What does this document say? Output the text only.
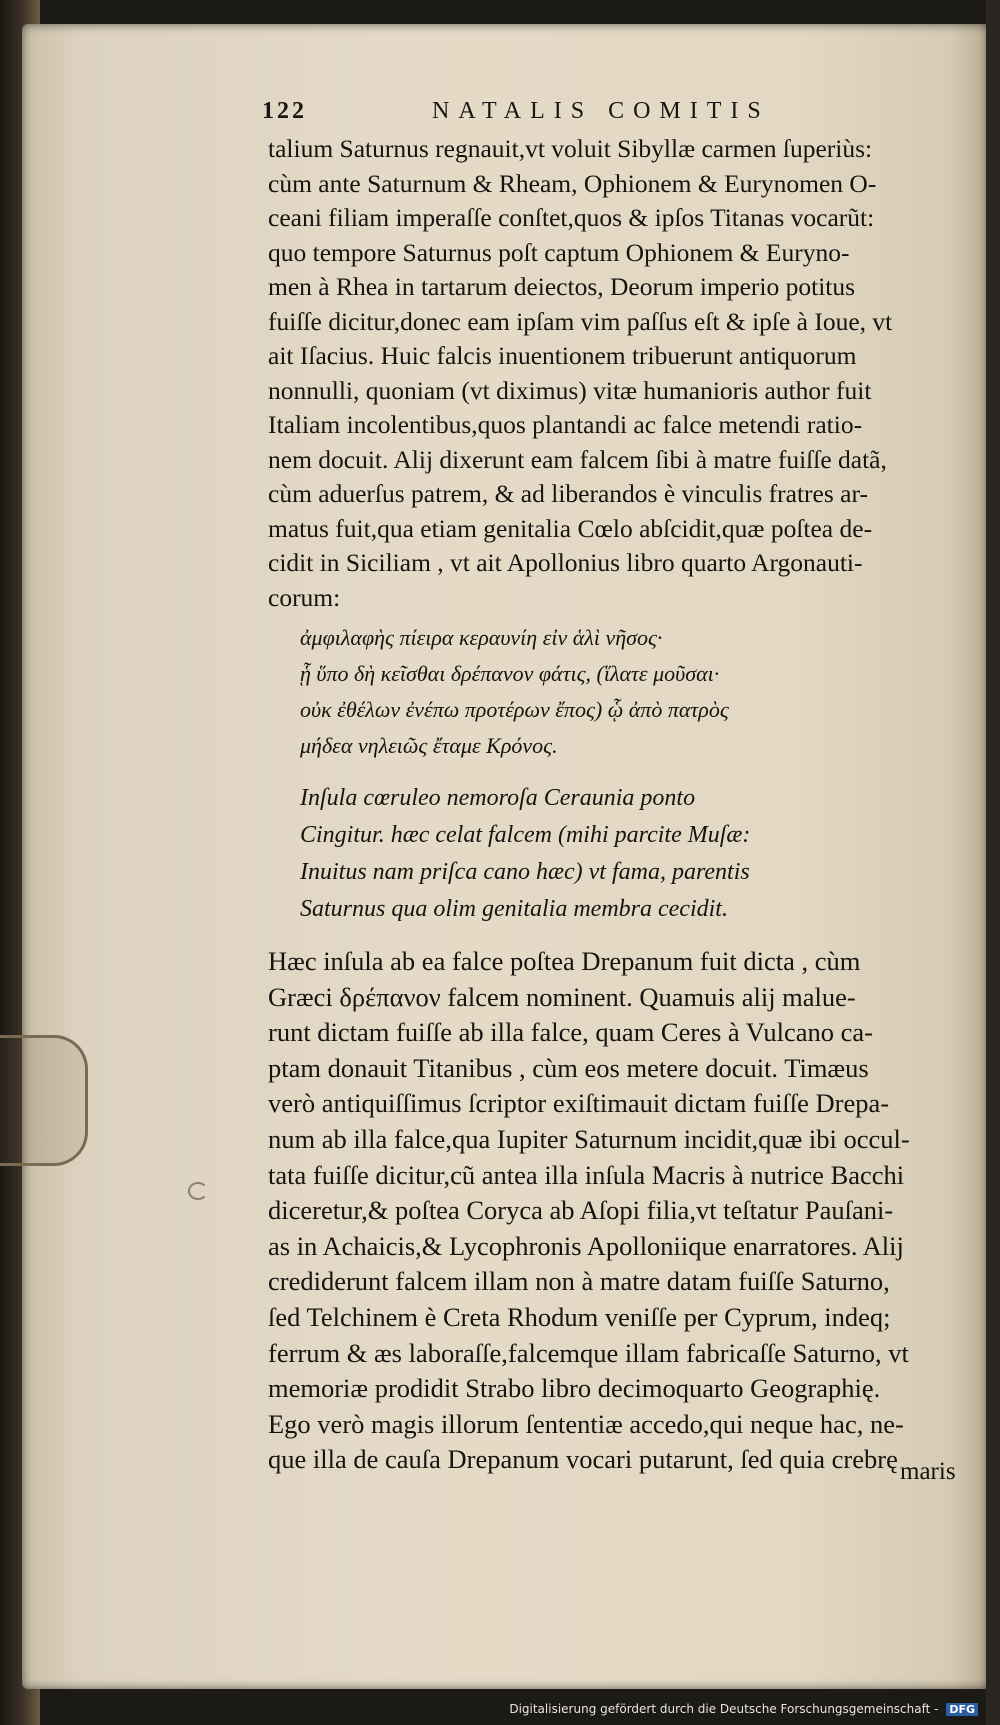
122	NATALIS COMITIS
talium Saturnus regnauit,vt voluit Sibyllæ carmen ſuperiùs:
cùm ante Saturnum & Rheam, Ophionem & Eurynomen O-
ceani filiam imperaſſe conſtet,quos & ipſos Titanas vocarũt:
quo tempore Saturnus poſt captum Ophionem & Euryno-
men à Rhea in tartarum deiectos, Deorum imperio potitus
fuiſſe dicitur,donec eam ipſam vim paſſus eſt & ipſe à Ioue, vt
ait Iſacius. Huic falcis inuentionem tribuerunt antiquorum
nonnulli, quoniam (vt diximus) vitæ humanioris author fuit
Italiam incolentibus,quos plantandi ac falce metendi ratio-
nem docuit. Alij dixerunt eam falcem ſibi à matre fuiſſe datã,
cùm aduerſus patrem, & ad liberandos è vinculis fratres ar-
matus fuit,qua etiam genitalia Cœlo abſcidit,quæ poſtea de-
cidit in Siciliam , vt ait Apollonius libro quarto Argonauti-
corum:
ἀμφιλαφὴς πίειρα κεραυνίη εἰν ἁλὶ νῆσος·
ᾗ ὕπο δὴ κεῖσθαι δρέπανον φάτις, (ἵλατε μοῦσαι·
οὐκ ἐθέλων ἐνέπω προτέρων ἔπος) ᾧ ἀπὸ πατρὸς
μήδεα νηλειῶς ἔταμε Κρόνος.
Inſula cœruleo nemoroſa Ceraunia ponto
Cingitur. hæc celat falcem (mihi parcite Muſæ:
Inuitus nam priſca cano hæc) vt fama, parentis
Saturnus qua olim genitalia membra cecidit.
Hæc inſula ab ea falce poſtea Drepanum fuit dicta , cùm
Græci δρέπανον falcem nominent. Quamuis alij malue-
runt dictam fuiſſe ab illa falce, quam Ceres à Vulcano ca-
ptam donauit Titanibus , cùm eos metere docuit. Timæus
verò antiquiſſimus ſcriptor exiſtimauit dictam fuiſſe Drepa-
num ab illa falce,qua Iupiter Saturnum incidit,quæ ibi occul-
tata fuiſſe dicitur,cũ antea illa inſula Macris à nutrice Bacchi
diceretur,& poſtea Coryca ab Aſopi filia,vt teſtatur Pauſani-
as in Achaicis,& Lycophronis Apolloniique enarratores. Alij
crediderunt falcem illam non à matre datam fuiſſe Saturno,
ſed Telchinem è Creta Rhodum veniſſe per Cyprum, indeq;
ferrum & æs laboraſſe,falcemque illam fabricaſſe Saturno, vt
memoriæ prodidit Strabo libro decimoquarto Geographię.
Ego verò magis illorum ſententiæ accedo,qui neque hac, ne-
que illa de cauſa Drepanum vocari putarunt, ſed quia crebrę maris
Digitalisierung gefördert durch die Deutsche Forschungsgemeinschaft - DFG
